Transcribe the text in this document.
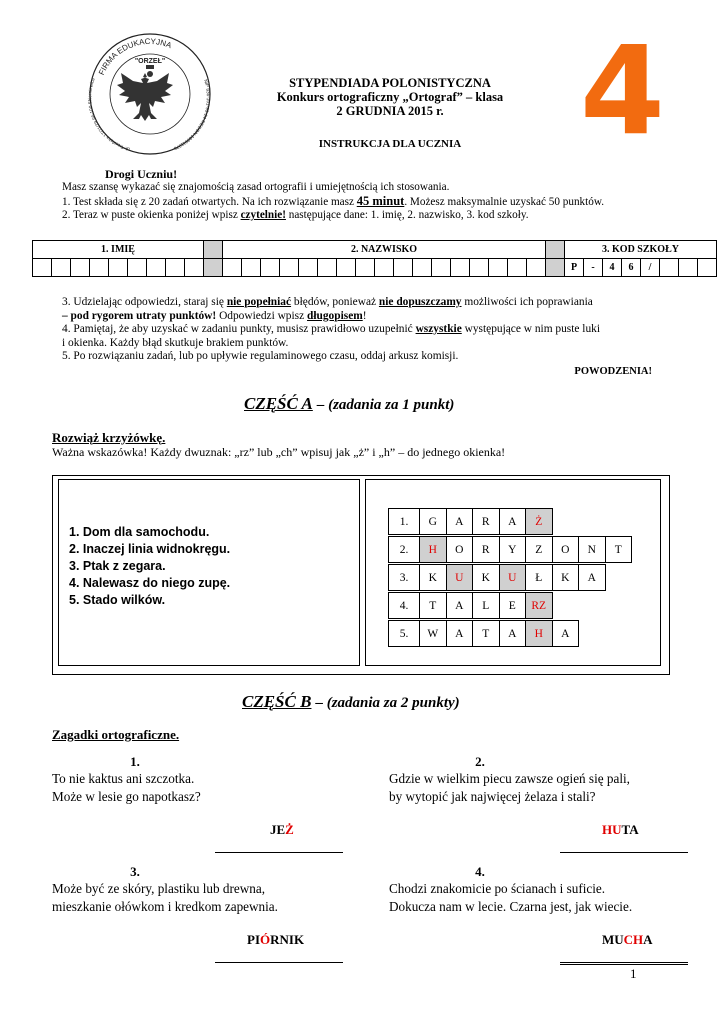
FIRMA EDUKACYJNA
ul. Trzciñska 17/21/29 96-100 Skierniewice	NIP 836-101-99-24 REGON 100011370
"ORZEŁ"
STYPENDIADA POLONISTYCZNA
Konkurs ortograficzny „Ortograf” – klasa
2 GRUDNIA 2015 r.
INSTRUKCJA DLA UCZNIA 4
Drogi Uczniu!
Masz szansę wykazać się znajomością zasad ortografii i umiejętnością ich stosowania.
1. Test składa się z 20 zadań otwartych. Na ich rozwiązanie masz 45 minut. Możesz maksymalnie uzyskać 50 punktów.
2. Teraz w puste okienka poniżej wpisz czytelnie! następujące dane: 1. imię, 2. nazwisko, 3. kod szkoły.
1. IMIĘ										2. NAZWISKO																		3. KOD SZKOŁY							
																												P	-	4	6	/			
3. Udzielając odpowiedzi, staraj się nie popełniać błędów, ponieważ nie dopuszczamy możliwości ich poprawiania
– pod rygorem utraty punktów! Odpowiedzi wpisz długopisem!
4. Pamiętaj, że aby uzyskać w zadaniu punkty, musisz prawidłowo uzupełnić wszystkie występujące w nim puste luki
i okienka. Każdy błąd skutkuje brakiem punktów.
5. Po rozwiązaniu zadań, lub po upływie regulaminowego czasu, oddaj arkusz komisji.
POWODZENIA!
CZĘŚĆ A – (zadania za 1 punkt)
Rozwiąż krzyżówkę.
Ważna wskazówka! Każdy dwuznak: „rz” lub „ch” wpisuj jak „ż” i „h” – do jednego okienka!
1. Dom dla samochodu.
2. Inaczej linia widnokręgu.
3. Ptak z zegara.
4. Nalewasz do niego zupę.
5. Stado wilków.
1.	G	A	R	A	Ż
2.	H	O	R	Y	Z	O	N	T
3.	K	U	K	U	Ł	K	A
4.	T	A	L	E	RZ
5.	W	A	T	A	H	A
CZĘŚĆ B – (zadania za 2 punkty)
Zagadki ortograficzne.
1.
To nie kaktus ani szczotka.
Może w lesie go napotkasz?
JEŻ
2.
Gdzie w wielkim piecu zawsze ogień się pali,
by wytopić jak najwięcej żelaza i stali?
HUTA
3.
Może być ze skóry, plastiku lub drewna,
mieszkanie ołówkom i kredkom zapewnia.
PIÓRNIK
4.
Chodzi znakomicie po ścianach i suficie.
Dokucza nam w lecie. Czarna jest, jak wiecie.
MUCHA
1
